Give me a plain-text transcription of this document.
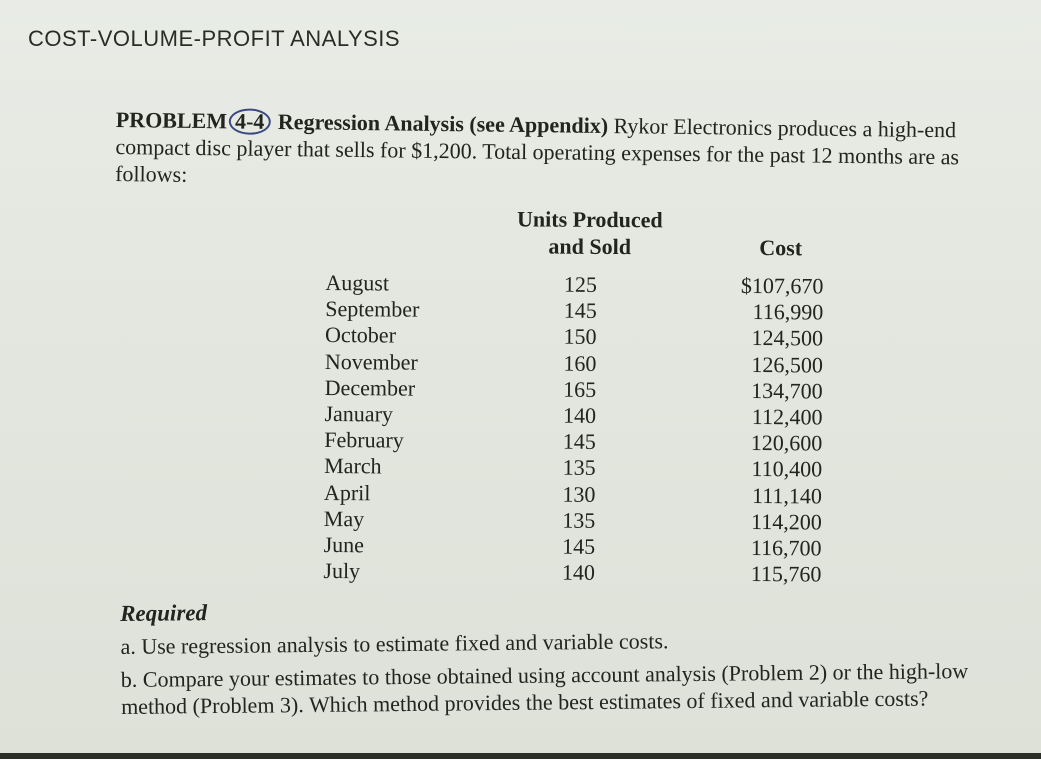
COST-VOLUME-PROFIT ANALYSIS
PROBLEM 4-4 Regression Analysis (see Appendix) Rykor Electronics produces a high-end compact disc player that sells for $1,200. Total operating expenses for the past 12 months are as follows:
Units Produced
and Sold	Cost
August	125	$107,670
September	145	116,990
October	150	124,500
November	160	126,500
December	165	134,700
January	140	112,400
February	145	120,600
March	135	110,400
April	130	111,140
May	135	114,200
June	145	116,700
July	140	115,760
Required
a. Use regression analysis to estimate fixed and variable costs.
b. Compare your estimates to those obtained using account analysis (Problem 2) or the high-low method (Problem 3). Which method provides the best estimates of fixed and variable costs?
